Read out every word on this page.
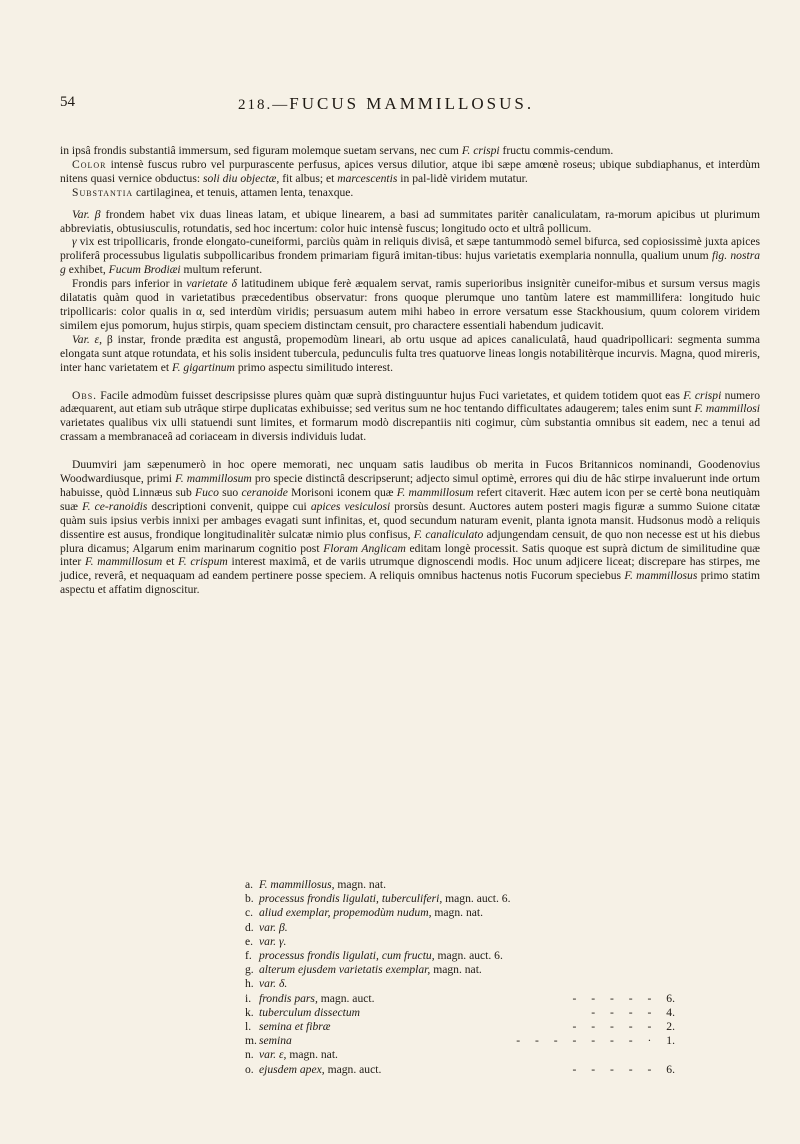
54	218.—FUCUS MAMMILLOSUS.

in ipsâ frondis substantiâ immersum, sed figuram molemque suetam servans, nec cum F. crispi fructu commis-cendum.

Color intensè fuscus rubro vel purpurascente perfusus, apices versus dilutior, atque ibi sæpe amœnè roseus; ubique subdiaphanus, et interdùm nitens quasi vernice obductus: soli diu objectæ, fit albus; et marcescentis in pal-lidè viridem mutatur.

Substantia cartilaginea, et tenuis, attamen lenta, tenaxque.

Var. β frondem habet vix duas lineas latam, et ubique linearem, a basi ad summitates paritèr canaliculatam, ra-morum apicibus ut plurimum abbreviatis, obtusiusculis, rotundatis, sed hoc incertum: color huic intensè fuscus; longitudo octo et ultrâ pollicum.

γ vix est tripollicaris, fronde elongato-cuneiformi, parciùs quàm in reliquis divisâ, et sæpe tantummodò semel bifurca, sed copiosissimè juxta apices proliferâ processubus ligulatis subpollicaribus frondem primariam figurâ imitan-tibus: hujus varietatis exemplaria nonnulla, qualium unum fig. nostra g exhibet, Fucum Brodiæi multum referunt.

Frondis pars inferior in varietate δ latitudinem ubique ferè æqualem servat, ramis superioribus insignitèr cuneifor-mibus et sursum versus magis dilatatis quàm quod in varietatibus præcedentibus observatur: frons quoque plerumque uno tantùm latere est mammillifera: longitudo huic tripollicaris: color qualis in α, sed interdùm viridis; persuasum autem mihi habeo in errore versatum esse Stackhousium, quum colorem viridem similem ejus pomorum, hujus stirpis, quam speciem distinctam censuit, pro charactere essentiali habendum judicavit.

Var. ε, β instar, fronde prædita est angustâ, propemodùm lineari, ab ortu usque ad apices canaliculatâ, haud quadripollicari: segmenta summa elongata sunt atque rotundata, et his solis insident tubercula, pedunculis fulta tres quatuorve lineas longis notabilitèrque incurvis. Magna, quod mireris, inter hanc varietatem et F. gigartinum primo aspectu similitudo interest.

Obs. Facile admodùm fuisset descripsisse plures quàm quæ suprà distinguuntur hujus Fuci varietates, et quidem totidem quot eas F. crispi numero adæquarent, aut etiam sub utrâque stirpe duplicatas exhibuisse; sed veritus sum ne hoc tentando difficultates adaugerem; tales enim sunt F. mammillosi varietates qualibus vix ulli statuendi sunt limites, et formarum modò discrepantiis niti cogimur, cùm substantia omnibus sit eadem, nec a tenui ad crassam a membranaceâ ad coriaceam in diversis individuis ludat.

Duumviri jam sæpenumerò in hoc opere memorati, nec unquam satis laudibus ob merita in Fucos Britannicos nominandi, Goodenovius Woodwardiusque, primi F. mammillosum pro specie distinctâ descripserunt; adjecto simul optimè, errores qui diu de hâc stirpe invaluerunt inde ortum habuisse, quòd Linnæus sub Fuco suo ceranoide Morisoni iconem quæ F. mammillosum refert citaverit. Hæc autem icon per se certè bona neutiquàm suæ F. ce-ranoidis descriptioni convenit, quippe cui apices vesiculosi prorsùs desunt. Auctores autem posteri magis figuræ a summo Suione citatæ quàm suis ipsius verbis innixi per ambages evagati sunt infinitas, et, quod secundum naturam evenit, planta ignota mansit. Hudsonus modò a reliquis dissentire est ausus, frondique longitudinalitèr sulcatæ nimio plus confisus, F. canaliculato adjungendam censuit, de quo non necesse est ut his diebus plura dicamus; Algarum enim marinarum cognitio post Floram Anglicam editam longè processit. Satis quoque est suprà dictum de similitudine quæ inter F. mammillosum et F. crispum interest maximâ, et de variis utrumque dignoscendi modis. Hoc unum adjicere liceat; discrepare has stirpes, me judice, reverâ, et nequaquam ad eandem pertinere posse speciem. A reliquis omnibus hactenus notis Fucorum speciebus F. mammillosus primo statim aspectu et affatim dignoscitur.

a. F. mammillosus, magn. nat.
b. processus frondis ligulati, tuberculiferi, magn. auct. 6.
c. aliud exemplar, propemodùm nudum, magn. nat.
d. var. β.
e. var. γ.
f. processus frondis ligulati, cum fructu, magn. auct. 6.
g. alterum ejusdem varietatis exemplar, magn. nat.
h. var. δ.
i. frondis pars, magn. auct.	- - - - - 6.
k. tuberculum dissectum	- - - - 4.
l. semina et fibræ	- - - - - 2.
m. semina	- - - - - - - · 1.
n. var. ε, magn. nat.
o. ejusdem apex, magn. auct.	- - - - - 6.
